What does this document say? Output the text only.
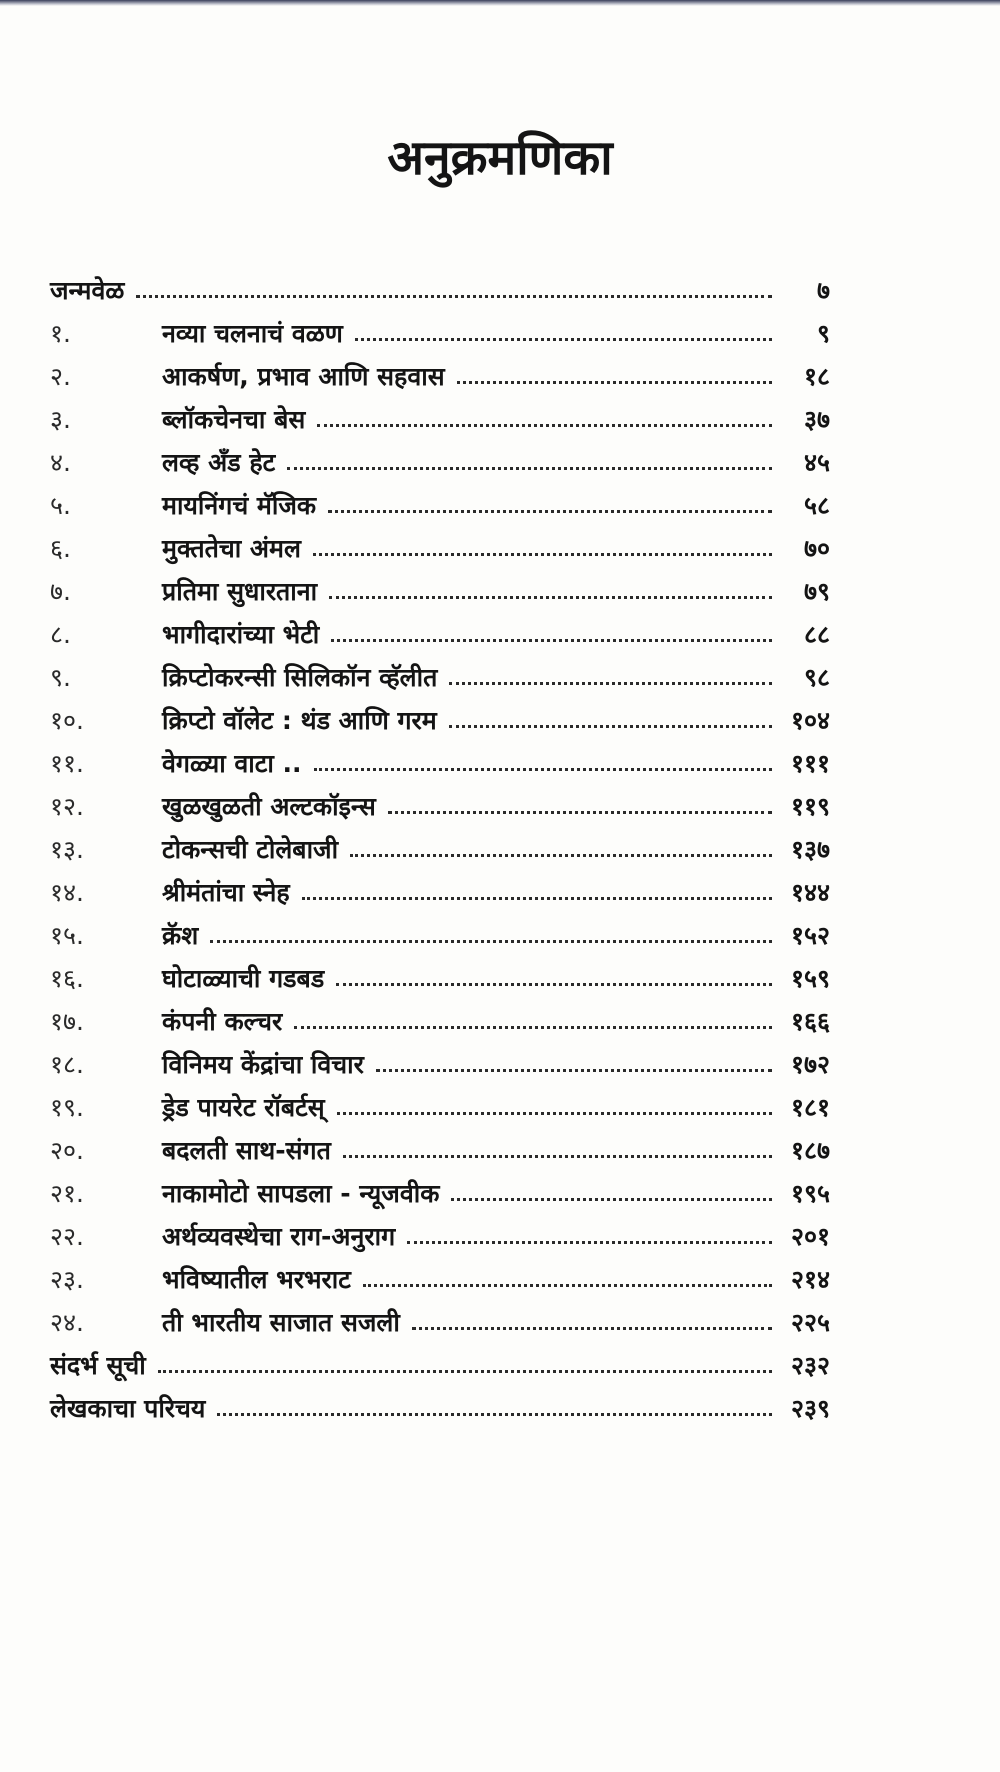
अनुक्रमणिका
जन्मवेळ	७
१.	नव्या चलनाचं वळण	९
२.	आकर्षण, प्रभाव आणि सहवास	१८
३.	ब्लॉकचेनचा बेस	३७
४.	लव्ह अँड हेट	४५
५.	मायनिंगचं मॅजिक	५८
६.	मुक्ततेचा अंमल	७०
७.	प्रतिमा सुधारताना	७९
८.	भागीदारांच्या भेटी	८८
९.	क्रिप्टोकरन्सी सिलिकॉन व्हॅलीत	९८
१०.	क्रिप्टो वॉलेट : थंड आणि गरम	१०४
११.	वेगळ्या वाटा ..	१११
१२.	खुळखुळती अल्टकॉइन्स	११९
१३.	टोकन्सची टोलेबाजी	१३७
१४.	श्रीमंतांचा स्नेह	१४४
१५.	क्रॅश	१५२
१६.	घोटाळ्याची गडबड	१५९
१७.	कंपनी कल्चर	१६६
१८.	विनिमय केंद्रांचा विचार	१७२
१९.	ड्रेड पायरेट रॉबर्टस्	१८१
२०.	बदलती साथ-संगत	१८७
२१.	नाकामोटो सापडला - न्यूजवीक	१९५
२२.	अर्थव्यवस्थेचा राग-अनुराग	२०१
२३.	भविष्यातील भरभराट	२१४
२४.	ती भारतीय साजात सजली	२२५
संदर्भ सूची	२३२
लेखकाचा परिचय	२३९
